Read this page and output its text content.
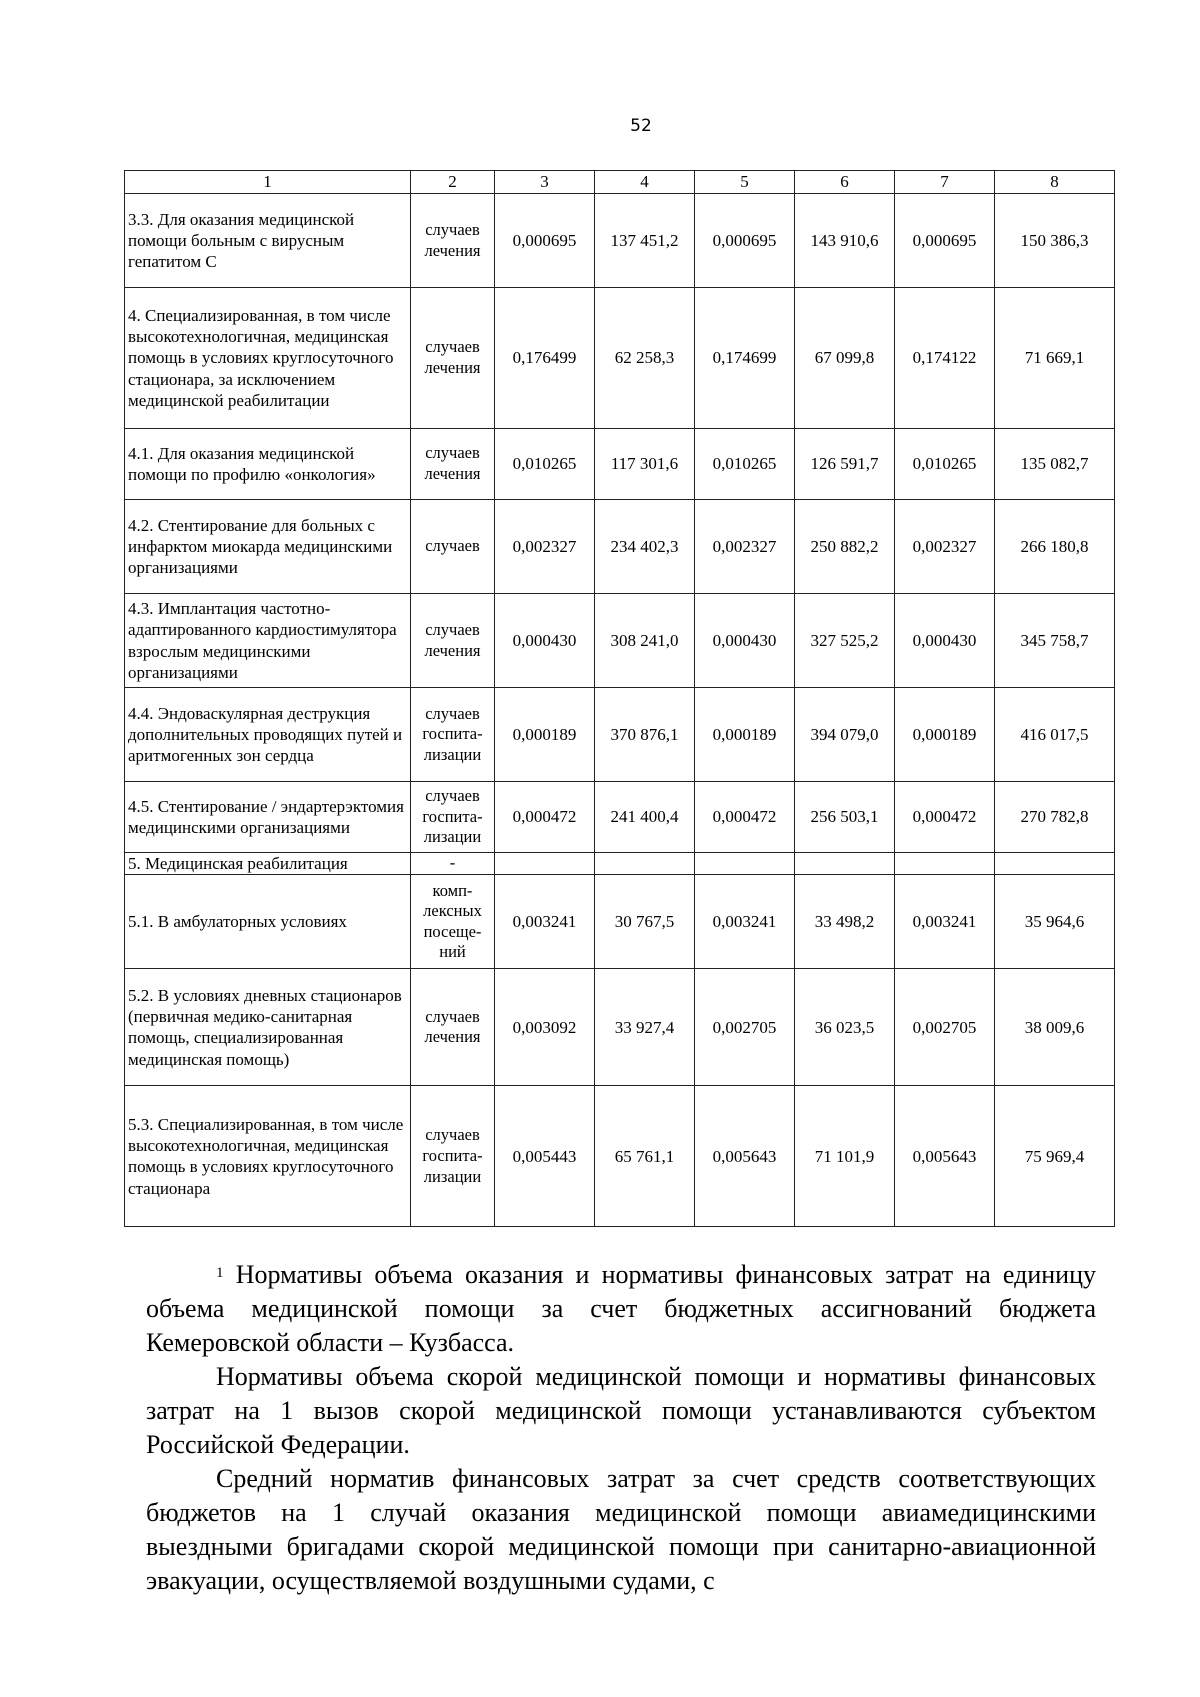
52
1	2	3	4	5	6	7	8
3.3. Для оказания медицинской помощи больным с вирусным гепатитом С	случаев лечения	0,000695	137 451,2	0,000695	143 910,6	0,000695	150 386,3
4. Специализированная, в том числе высокотехнологичная, медицинская помощь в условиях круглосуточного стационара, за исключением медицинской реабилитации	случаев лечения	0,176499	62 258,3	0,174699	67 099,8	0,174122	71 669,1
4.1. Для оказания медицинской помощи по профилю «онкология»	случаев лечения	0,010265	117 301,6	0,010265	126 591,7	0,010265	135 082,7
4.2. Стентирование для больных с инфарктом миокарда медицинскими организациями	случаев	0,002327	234 402,3	0,002327	250 882,2	0,002327	266 180,8
4.3. Имплантация частотно-адаптированного кардиостимулятора взрослым медицинскими организациями	случаев лечения	0,000430	308 241,0	0,000430	327 525,2	0,000430	345 758,7
4.4. Эндоваскулярная деструкция дополнительных проводящих путей и аритмогенных зон сердца	случаев госпита-лизации	0,000189	370 876,1	0,000189	394 079,0	0,000189	416 017,5
4.5. Стентирование / эндартерэктомия медицинскими организациями	случаев госпита-лизации	0,000472	241 400,4	0,000472	256 503,1	0,000472	270 782,8
5. Медицинская реабилитация	-						
5.1. В амбулаторных условиях	комп-лексных посеще-ний	0,003241	30 767,5	0,003241	33 498,2	0,003241	35 964,6
5.2. В условиях дневных стационаров (первичная медико-санитарная помощь, специализированная медицинская помощь)	случаев лечения	0,003092	33 927,4	0,002705	36 023,5	0,002705	38 009,6
5.3. Специализированная, в том числе высокотехнологичная, медицинская помощь в условиях круглосуточного стационара	случаев госпита-лизации	0,005443	65 761,1	0,005643	71 101,9	0,005643	75 969,4

$^1$ Нормативы объема оказания и нормативы финансовых затрат на единицу объема медицинской помощи за счет бюджетных ассигнований бюджета Кемеровской области – Кузбасса.

Нормативы объема скорой медицинской помощи и нормативы финансовых затрат на 1 вызов скорой медицинской помощи устанавливаются субъектом Российской Федерации.

Средний норматив финансовых затрат за счет средств соответствующих бюджетов на 1 случай оказания медицинской помощи авиамедицинскими выездными бригадами скорой медицинской помощи при санитарно-авиационной эвакуации, осуществляемой воздушными судами, с
